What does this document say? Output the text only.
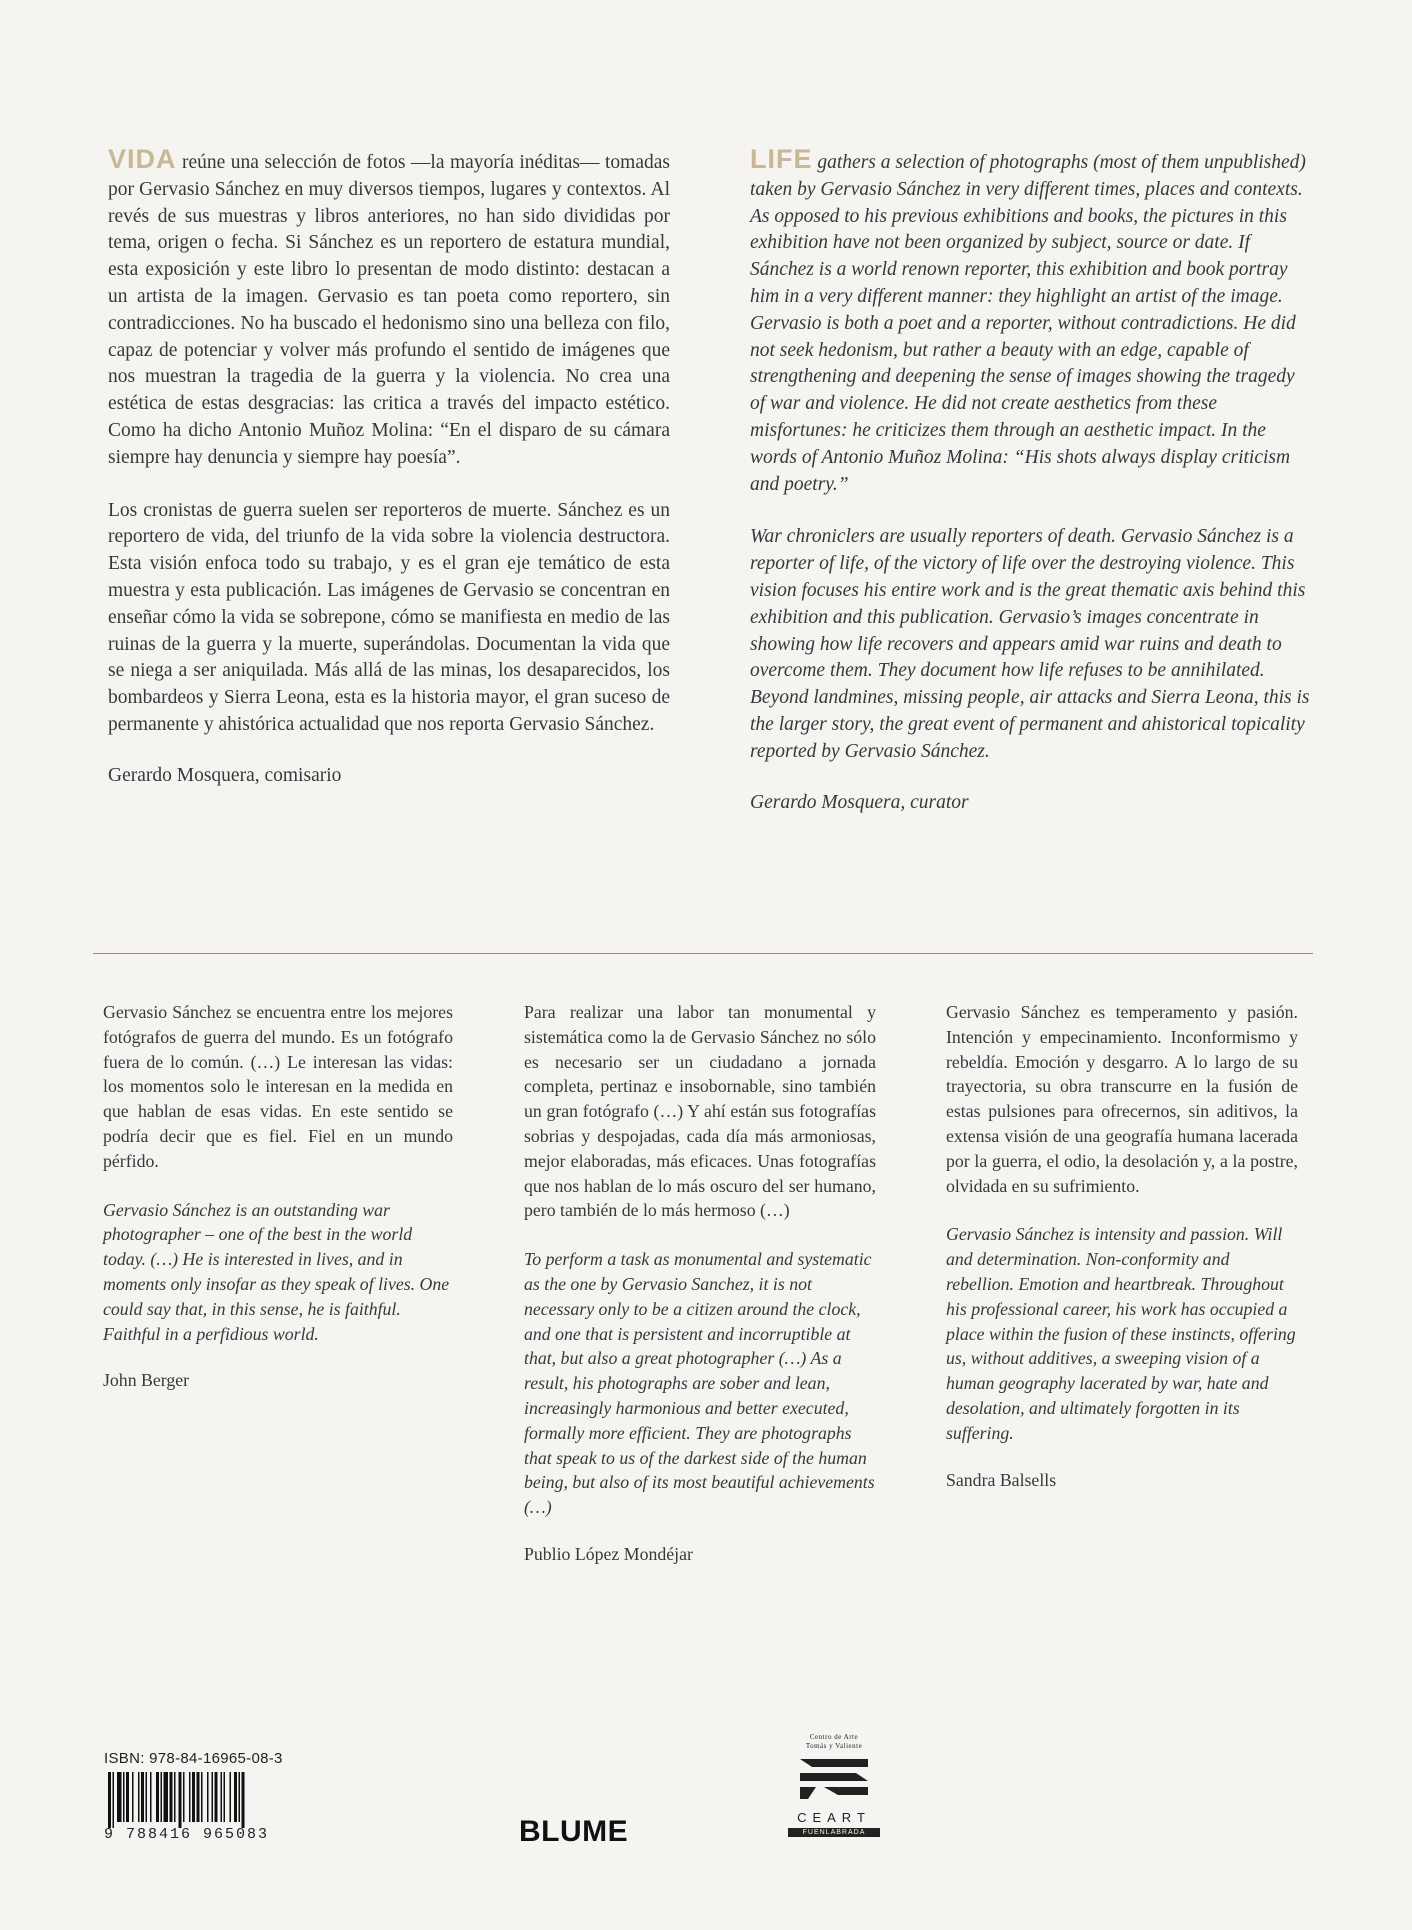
VIDA reúne una selección de fotos —la mayoría inéditas— tomadas por Gervasio Sánchez en muy diversos tiempos, lugares y contextos. Al revés de sus muestras y libros anteriores, no han sido divididas por tema, origen o fecha. Si Sánchez es un reportero de estatura mundial, esta exposición y este libro lo presentan de modo distinto: destacan a un artista de la imagen. Gervasio es tan poeta como reportero, sin contradicciones. No ha buscado el hedonismo sino una belleza con filo, capaz de potenciar y volver más profundo el sentido de imágenes que nos muestran la tragedia de la guerra y la violencia. No crea una estética de estas desgracias: las critica a través del impacto estético. Como ha dicho Antonio Muñoz Molina: “En el disparo de su cámara siempre hay denuncia y siempre hay poesía”.

Los cronistas de guerra suelen ser reporteros de muerte. Sánchez es un reportero de vida, del triunfo de la vida sobre la violencia destructora. Esta visión enfoca todo su trabajo, y es el gran eje temático de esta muestra y esta publicación. Las imágenes de Gervasio se concentran en enseñar cómo la vida se sobrepone, cómo se manifiesta en medio de las ruinas de la guerra y la muerte, superándolas. Documentan la vida que se niega a ser aniquilada. Más allá de las minas, los desaparecidos, los bombardeos y Sierra Leona, esta es la historia mayor, el gran suceso de permanente y ahistórica actualidad que nos reporta Gervasio Sánchez.

Gerardo Mosquera, comisario

LIFE gathers a selection of photographs (most of them unpublished) taken by Gervasio Sánchez in very different times, places and contexts. As opposed to his previous exhibitions and books, the pictures in this exhibition have not been organized by subject, source or date. If Sánchez is a world renown reporter, this exhibition and book portray him in a very different manner: they highlight an artist of the image. Gervasio is both a poet and a reporter, without contradictions. He did not seek hedonism, but rather a beauty with an edge, capable of strengthening and deepening the sense of images showing the tragedy of war and violence. He did not create aesthetics from these misfortunes: he criticizes them through an aesthetic impact. In the words of Antonio Muñoz Molina: “His shots always display criticism and poetry.”

War chroniclers are usually reporters of death. Gervasio Sánchez is a reporter of life, of the victory of life over the destroying violence. This vision focuses his entire work and is the great thematic axis behind this exhibition and this publication. Gervasio’s images concentrate in showing how life recovers and appears amid war ruins and death to overcome them. They document how life refuses to be annihilated. Beyond landmines, missing people, air attacks and Sierra Leona, this is the larger story, the great event of permanent and ahistorical topicality reported by Gervasio Sánchez.

Gerardo Mosquera, curator

Gervasio Sánchez se encuentra entre los mejores fotógrafos de guerra del mundo. Es un fotógrafo fuera de lo común. (…) Le interesan las vidas: los momentos solo le interesan en la medida en que hablan de esas vidas. En este sentido se podría decir que es fiel. Fiel en un mundo pérfido.

Gervasio Sánchez is an outstanding war photographer – one of the best in the world today. (…) He is interested in lives, and in moments only insofar as they speak of lives. One could say that, in this sense, he is faithful. Faithful in a perfidious world.

John Berger

Para realizar una labor tan monumental y sistemática como la de Gervasio Sánchez no sólo es necesario ser un ciudadano a jornada completa, pertinaz e insobornable, sino también un gran fotógrafo (…) Y ahí están sus fotografías sobrias y despojadas, cada día más armoniosas, mejor elaboradas, más eficaces. Unas fotografías que nos hablan de lo más oscuro del ser humano, pero también de lo más hermoso (…)

To perform a task as monumental and systematic as the one by Gervasio Sanchez, it is not necessary only to be a citizen around the clock, and one that is persistent and incorruptible at that, but also a great photographer (…) As a result, his photographs are sober and lean, increasingly harmonious and better executed, formally more efficient. They are photographs that speak to us of the darkest side of the human being, but also of its most beautiful achievements (…)

Publio López Mondéjar

Gervasio Sánchez es temperamento y pasión. Intención y empecinamiento. Inconformismo y rebeldía. Emoción y desgarro. A lo largo de su trayectoria, su obra transcurre en la fusión de estas pulsiones para ofrecernos, sin aditivos, la extensa visión de una geografía humana lacerada por la guerra, el odio, la desolación y, a la postre, olvidada en su sufrimiento.

Gervasio Sánchez is intensity and passion. Will and determination. Non-conformity and rebellion. Emotion and heartbreak. Throughout his professional career, his work has occupied a place within the fusion of these instincts, offering us, without additives, a sweeping vision of a human geography lacerated by war, hate and desolation, and ultimately forgotten in its suffering.

Sandra Balsells

ISBN: 978-84-16965-08-3
9 788416 965083	BLUME
Centro de Arte
Tomás y Valiente
CEART
FUENLABRADA
